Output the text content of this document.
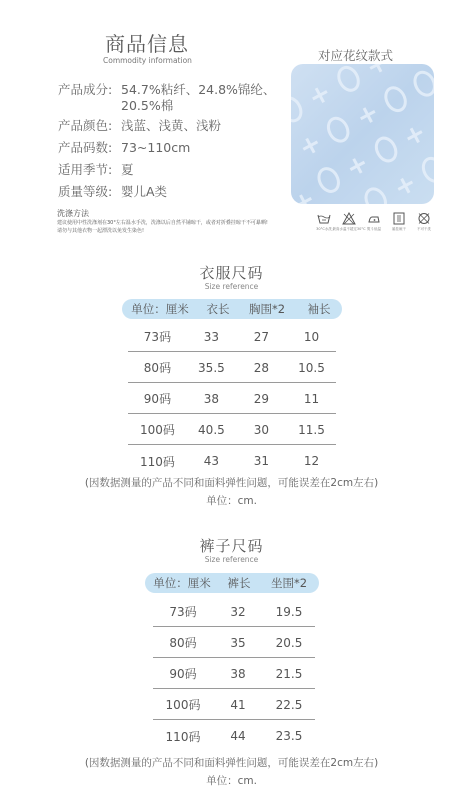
商品信息
Commodity information
产品成分: 54.7%粘纤、24.8%锦纶、
20.5%棉
产品颜色: 浅蓝、浅黄、浅粉
产品码数: 73~110cm
适用季节: 夏
质量等级: 婴儿A类
对应花纹款式
洗涤方法
建议使用中性洗涤剂在30°左右温水手洗，洗涤以后自然平铺晾干，或者对折叠挂晾干不可暴晒!
请勿与其他衣物一起漂洗以免发生染色!	30°C水洗 最高水温不超过30°C 熨斗低温	悬挂晾干	不可干洗
衣服尺码
Size reference
单位：厘米	衣长	胸围*2	袖长
73码	33	27	10
80码	35.5	28	10.5
90码	38	29	11
100码	40.5	30	11.5
110码	43	31	12
(因数据测量的产品不同和面料弹性问题，可能误差在2cm左右)
单位：cm.
裤子尺码
Size reference
单位：厘米	裤长	坐围*2
73码	32	19.5
80码	35	20.5
90码	38	21.5
100码	41	22.5
110码	44	23.5
(因数据测量的产品不同和面料弹性问题，可能误差在2cm左右)
单位：cm.
